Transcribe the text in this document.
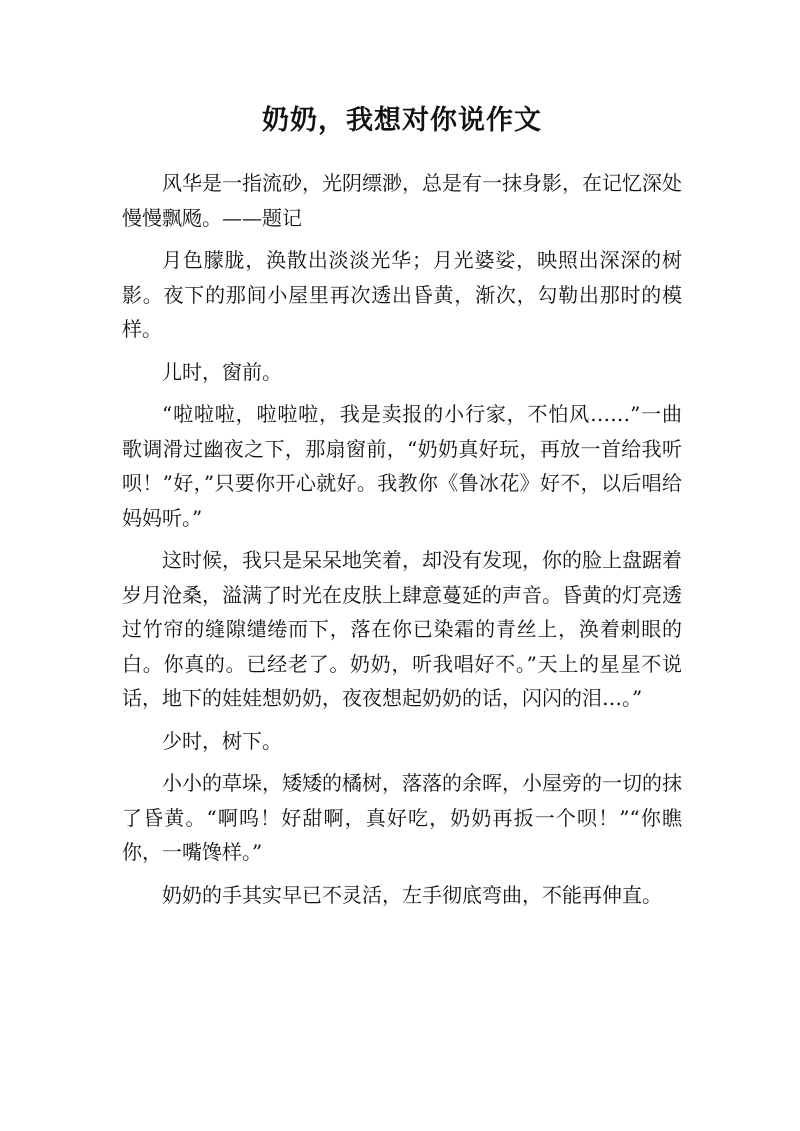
奶奶，我想对你说作文

风华是一指流砂，光阴缥渺，总是有一抹身影，在记忆深处慢慢飘飏。——题记

月色朦胧，涣散出淡淡光华；月光婆娑，映照出深深的树影。夜下的那间小屋里再次透出昏黄，渐次，勾勒出那时的模样。

儿时，窗前。

“啦啦啦，啦啦啦，我是卖报的小行家，不怕风……”一曲歌调滑过幽夜之下，那扇窗前，“奶奶真好玩，再放一首给我听呗！”好，”只要你开心就好。我教你《鲁冰花》好不，以后唱给妈妈听。”

这时候，我只是呆呆地笑着，却没有发现，你的脸上盘踞着岁月沧桑，溢满了时光在皮肤上肆意蔓延的声音。昏黄的灯亮透过竹帘的缝隙缱绻而下，落在你已染霜的青丝上，涣着刺眼的白。你真的。已经老了。奶奶，听我唱好不。”天上的星星不说话，地下的娃娃想奶奶，夜夜想起奶奶的话，闪闪的泪…。”

少时，树下。

小小的草垛，矮矮的橘树，落落的余晖，小屋旁的一切的抹了昏黄。“啊呜！好甜啊，真好吃，奶奶再扳一个呗！”“你瞧你，一嘴馋样。”

奶奶的手其实早已不灵活，左手彻底弯曲，不能再伸直。
